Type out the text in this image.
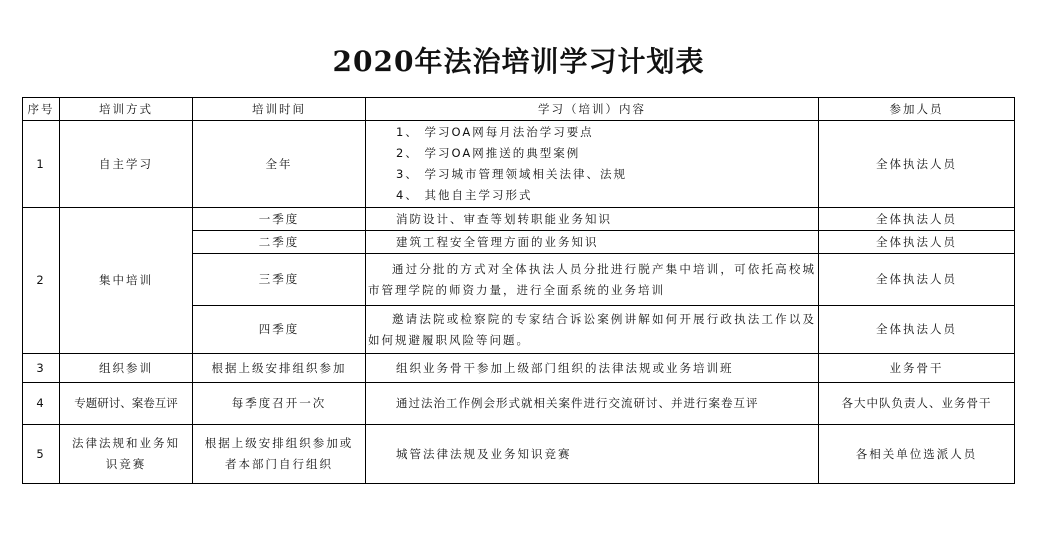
2020年法治培训学习计划表
序号	培训方式	培训时间	学习（培训）内容	参加人员
1	自主学习	全年	1、 学习OA网每月法治学习要点
2、 学习OA网推送的典型案例
3、 学习城市管理领域相关法律、法规
4、 其他自主学习形式	全体执法人员
2	集中培训	一季度	消防设计、审查等划转职能业务知识	全体执法人员
		二季度	建筑工程安全管理方面的业务知识	全体执法人员
		三季度	通过分批的方式对全体执法人员分批进行脱产集中培训，可依托高校城市管理学院的师资力量，进行全面系统的业务培训	全体执法人员
		四季度	邀请法院或检察院的专家结合诉讼案例讲解如何开展行政执法工作以及如何规避履职风险等问题。	全体执法人员
3	组织参训	根据上级安排组织参加	组织业务骨干参加上级部门组织的法律法规或业务培训班	业务骨干
4	专题研讨、案卷互评	每季度召开一次	通过法治工作例会形式就相关案件进行交流研讨、并进行案卷互评	各大中队负责人、业务骨干
5	法律法规和业务知识竞赛	根据上级安排组织参加或者本部门自行组织	城管法律法规及业务知识竞赛	各相关单位选派人员
